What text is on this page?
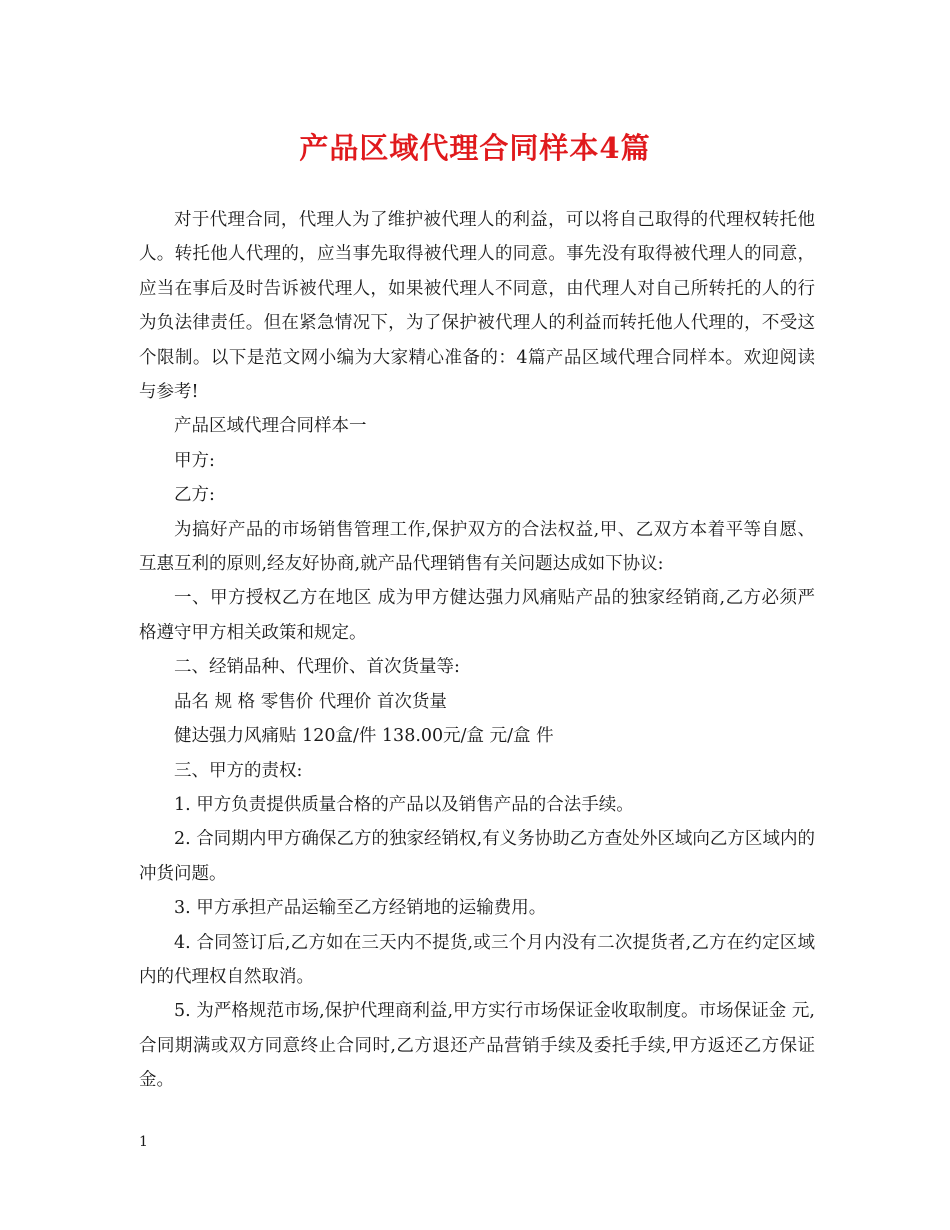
产品区域代理合同样本4篇

对于代理合同，代理人为了维护被代理人的利益，可以将自己取得的代理权转托他人。转托他人代理的，应当事先取得被代理人的同意。事先没有取得被代理人的同意，应当在事后及时告诉被代理人，如果被代理人不同意，由代理人对自己所转托的人的行为负法律责任。但在紧急情况下，为了保护被代理人的利益而转托他人代理的，不受这个限制。以下是范文网小编为大家精心准备的：4篇产品区域代理合同样本。欢迎阅读与参考!

产品区域代理合同样本一

甲方:

乙方:

为搞好产品的市场销售管理工作,保护双方的合法权益,甲、乙双方本着平等自愿、互惠互利的原则,经友好协商,就产品代理销售有关问题达成如下协议:

一、甲方授权乙方在地区 成为甲方健达强力风痛贴产品的独家经销商,乙方必须严格遵守甲方相关政策和规定。

二、经销品种、代理价、首次货量等:

品名 规 格 零售价 代理价 首次货量

健达强力风痛贴 120盒/件 138.00元/盒 元/盒 件

三、甲方的责权:

1. 甲方负责提供质量合格的产品以及销售产品的合法手续。

2. 合同期内甲方确保乙方的独家经销权,有义务协助乙方查处外区域向乙方区域内的冲货问题。

3. 甲方承担产品运输至乙方经销地的运输费用。

4. 合同签订后,乙方如在三天内不提货,或三个月内没有二次提货者,乙方在约定区域内的代理权自然取消。

5. 为严格规范市场,保护代理商利益,甲方实行市场保证金收取制度。市场保证金 元,合同期满或双方同意终止合同时,乙方退还产品营销手续及委托手续,甲方返还乙方保证金。

1
